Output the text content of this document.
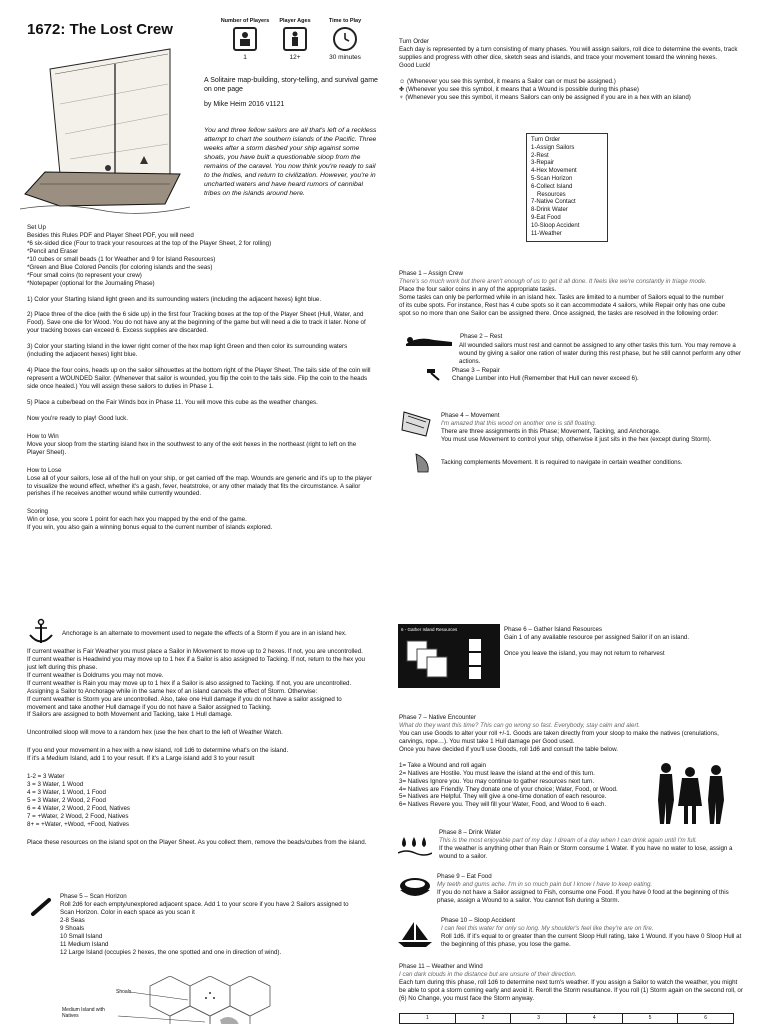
1672: The Lost Crew	Number of Players
1
Player Ages
12+
Time to Play
30 minutes

A Solitaire map-building, story-telling, and survival game on one page

by Mike Heim 2016 v1121

You and three fellow sailors are all that's left of a reckless attempt to chart the southern islands of the Pacific. Three weeks after a storm dashed your ship against some shoals, you have built a questionable sloop from the remains of the caravel. You now think you're ready to sail to the Indies, and return to civilization. However, you're in uncharted waters and have heard rumors of cannibal tribes on the islands around here.
Set Up
Besides this Rules PDF and Player Sheet PDF, you will need
*6 six-sided dice (Four to track your resources at the top of the Player Sheet, 2 for rolling)
*Pencil and Eraser
*10 cubes or small beads (1 for Weather and 9 for Island Resources)
*Green and Blue Colored Pencils (for coloring islands and the seas)
*Four small coins (to represent your crew)
*Notepaper (optional for the Journaling Phase)

1) Color your Starting Island light green and its surrounding waters (including the adjacent hexes) light blue.

2) Place three of the dice (with the 6 side up) in the first four Tracking boxes at the top of the Player Sheet (Hull, Water, and Food). Save one die for Wood. You do not have any at the beginning of the game but will need a die to track it later. None of your tracking boxes can exceed 6. Excess supplies are discarded.

3) Color your starting Island in the lower right corner of the hex map light Green and then color its surrounding waters (including the adjacent hexes) light blue.

4) Place the four coins, heads up on the sailor silhouettes at the bottom right of the Player Sheet. The tails side of the coin will represent a WOUNDED Sailor. (Whenever that sailor is wounded, you flip the coin to the tails side. Flip the coin to the heads side once healed.) You will assign these sailors to duties in Phase 1.

5) Place a cube/bead on the Fair Winds box in Phase 11. You will move this cube as the weather changes.

Now you're ready to play! Good luck.

How to Win
Move your sloop from the starting island hex in the southwest to any of the exit hexes in the northeast (right to left on the Player Sheet).
How to Lose
Lose all of your sailors, lose all of the hull on your ship, or get carried off the map. Wounds are generic and it's up to the player to visualize the wound effect, whether it's a gash, fever, heatstroke, or any other malady that fits the circumstance. A sailor perishes if he receives another wound while currently wounded.
Scoring
Win or lose, you score 1 point for each hex you mapped by the end of the game.
If you win, you also gain a winning bonus equal to the current number of islands explored.

Anchorage is an alternate to movement used to negate the effects of a Storm if you are in an island hex.

If current weather is Fair Weather you must place a Sailor in Movement to move up to 2 hexes. If not, you are uncontrolled.
If current weather is Headwind you may move up to 1 hex if a Sailor is also assigned to Tacking. If not, return to the hex you just left during this phase.
If current weather is Doldrums you may not move.
If current weather is Rain you may move up to 1 hex if a Sailor is also assigned to Tacking. If not, you are uncontrolled. Assigning a Sailor to Anchorage while in the same hex of an island cancels the effect of Storm. Otherwise:
If current weather is Storm you are uncontrolled. Also, take one Hull damage if you do not have a sailor assigned to movement and take another Hull damage if you do not have a Sailor assigned to Tacking.
If Sailors are assigned to both Movement and Tacking, take 1 Hull damage.

Uncontrolled sloop will move to a random hex (use the hex chart to the left of Weather Watch.

If you end your movement in a hex with a new island, roll 1d6 to determine what's on the island.
If it's a Medium Island, add 1 to your result. If it's a Large island add 3 to your result
1-2 = 3 Water
3 = 3 Water, 1 Wood
4 = 3 Water, 1 Wood, 1 Food
5 = 3 Water, 2 Wood, 2 Food
6 = 4 Water, 2 Wood, 2 Food, Natives
7 = +Water, 2 Wood, 2 Food, Natives
8+ = +Water, +Wood, +Food, Natives

Place these resources on the island spot on the Player Sheet. As you collect them, remove the beads/cubes from the island.

Phase 5 – Scan Horizon
Roll 2d6 for each empty/unexplored adjacent space. Add 1 to your score if you have 2 Sailors assigned to Scan Horizon. Color in each space as you scan it
2-8 Seas
9 Shoals
10 Small Island
11 Medium Island
12 Large Island (occupies 2 hexes, the one spotted and one in direction of wind).
Shoals
Medium Island with Natives
Turn Order
Each day is represented by a turn consisting of many phases. You will assign sailors, roll dice to determine the events, track supplies and progress with other dice, sketch seas and islands, and trace your movement toward the winning hexes.
Good Luck!
☺ (Whenever you see this symbol, it means a Sailor can or must be assigned.)
✤ (Whenever you see this symbol, it means that a Wound is possible during this phase)
♆ (Whenever you see this symbol, it means Sailors can only be assigned if you are in a hex with an island)
Turn Order
1-Assign Sailors
2-Rest
3-Repair
4-Hex Movement
5-Scan Horizon
6-Collect Island
Resources
7-Native Contact
8-Drink Water
9-Eat Food
10-Sloop Accident
11-Weather
Phase 1 – Assign Crew
There's so much work but there aren't enough of us to get it all done. It feels like we're constantly in triage mode.
Place the four sailor coins in any of the appropriate tasks.
Some tasks can only be performed while in an island hex. Tasks are limited to a number of Sailors equal to the number of its cube spots. For instance, Rest has 4 cube spots so it can accommodate 4 sailors, while Repair only has one cube spot so no more than one Sailor can be assigned there. Once assigned, the tasks are resolved in the following order:
Phase 2 – Rest
All wounded sailors must rest and cannot be assigned to any other tasks this turn. You may remove a wound by giving a sailor one ration of water during this rest phase, but he still cannot perform any other actions.
Phase 3 – Repair
Change Lumber into Hull (Remember that Hull can never exceed 6).
Phase 4 – Movement
I'm amazed that this wood on another one is still floating.
There are three assignments in this Phase; Movement, Tacking, and Anchorage.
You must use Movement to control your ship, otherwise it just sits in the hex (except during Storm).
Tacking complements Movement. It is required to navigate in certain weather conditions.
6 - Gather Island Resources	Phase 6 – Gather Island Resources
Gain 1 of any available resource per assigned Sailor if on an island.
Once you leave the island, you may not return to reharvest
Phase 7 – Native Encounter
What do they want this time? This can go wrong so fast. Everybody, stay calm and alert.
You can use Goods to alter your roll +/-1. Goods are taken directly from your sloop to make the natives (crenulations, carvings, rope…). You must take 1 Hull damage per Good used.
Once you have decided if you'll use Goods, roll 1d6 and consult the table below.
1= Take a Wound and roll again
2= Natives are Hostile. You must leave the island at the end of this turn.
3= Natives Ignore you. You may continue to gather resources next turn.
4= Natives are Friendly. They donate one of your choice; Water, Food, or Wood.
5= Natives are Helpful. They will give a one-time donation of each resource.
6= Natives Revere you. They will fill your Water, Food, and Wood to 6 each.
Phase 8 – Drink Water
This is the most enjoyable part of my day. I dream of a day when I can drink again until I'm full.
If the weather is anything other than Rain or Storm consume 1 Water. If you have no water to lose, assign a wound to a sailor.
Phase 9 – Eat Food
My teeth and gums ache. I'm in so much pain but I know I have to keep eating.
If you do not have a Sailor assigned to Fish, consume one Food. If you have 0 food at the beginning of this phase, assign a Wound to a sailor. You cannot fish during a Storm.
Phase 10 – Sloop Accident
I can feel this water for only so long. My shoulder's feel like they're are on fire.
Roll 1d6. If it's equal to or greater than the current Sloop Hull rating, take 1 Wound. If you have 0 Sloop Hull at the beginning of this phase, you lose the game.
Phase 11 – Weather and Wind
I can dark clouds in the distance but are unsure of their direction.
Each turn during this phase, roll 1d6 to determine next turn's weather. If you assign a Sailor to watch the weather, you might be able to spot a storm coming early and avoid it. Reroll the Storm resultance. If you roll (1) Storm again on the second roll, or (6) No Change, you must face the Storm anyway.
1	2	3	4	5	6
